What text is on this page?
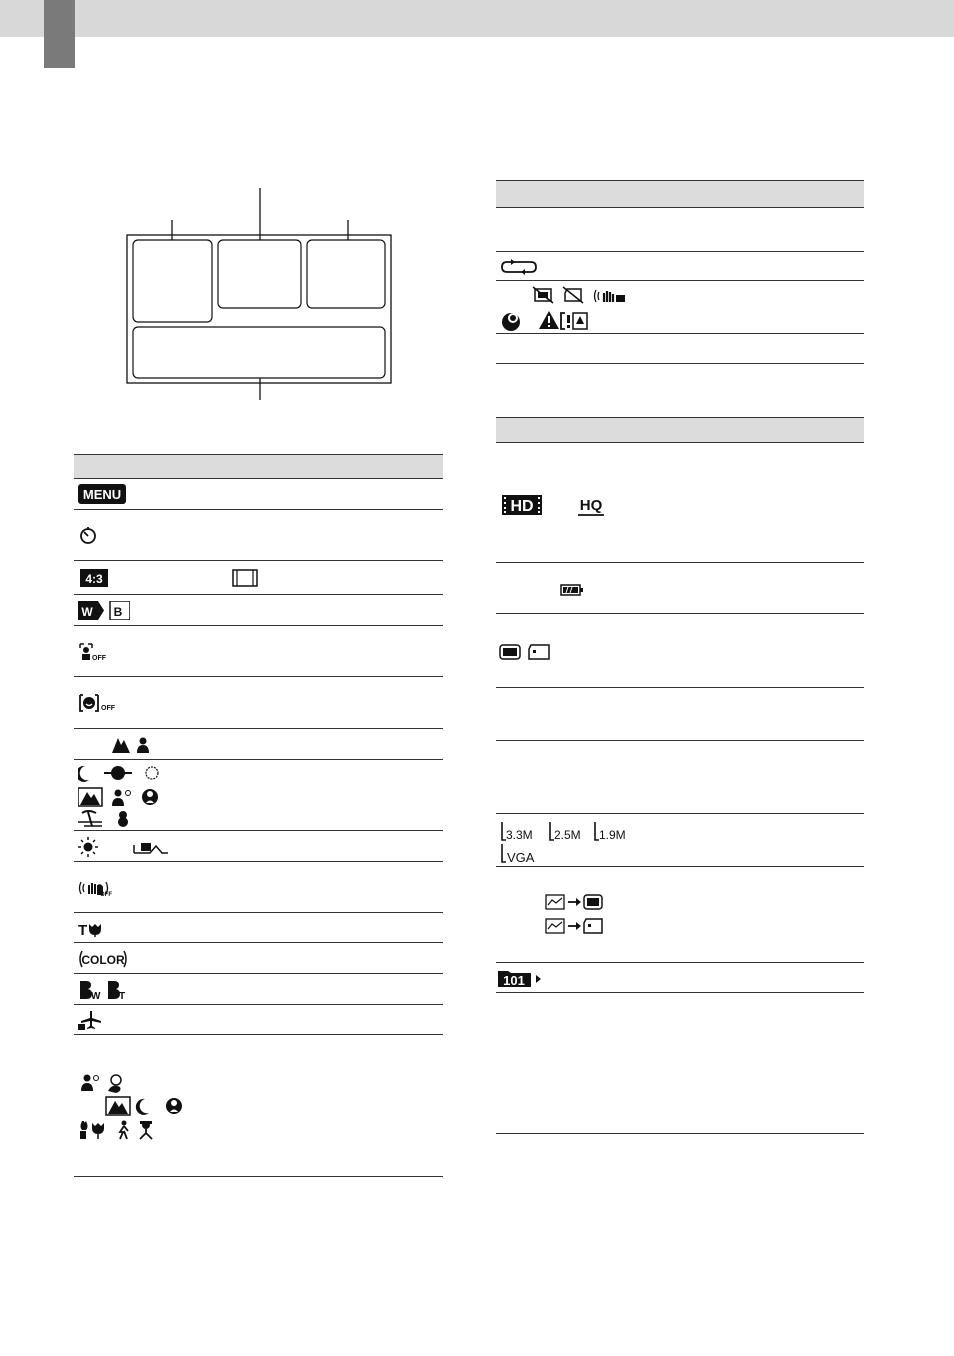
MENU
4:3
W B
OFF
OFF
OFF
T
COLOR
W T
HD	HQ
3.3M 2.5M 1.9M
VGA
101
